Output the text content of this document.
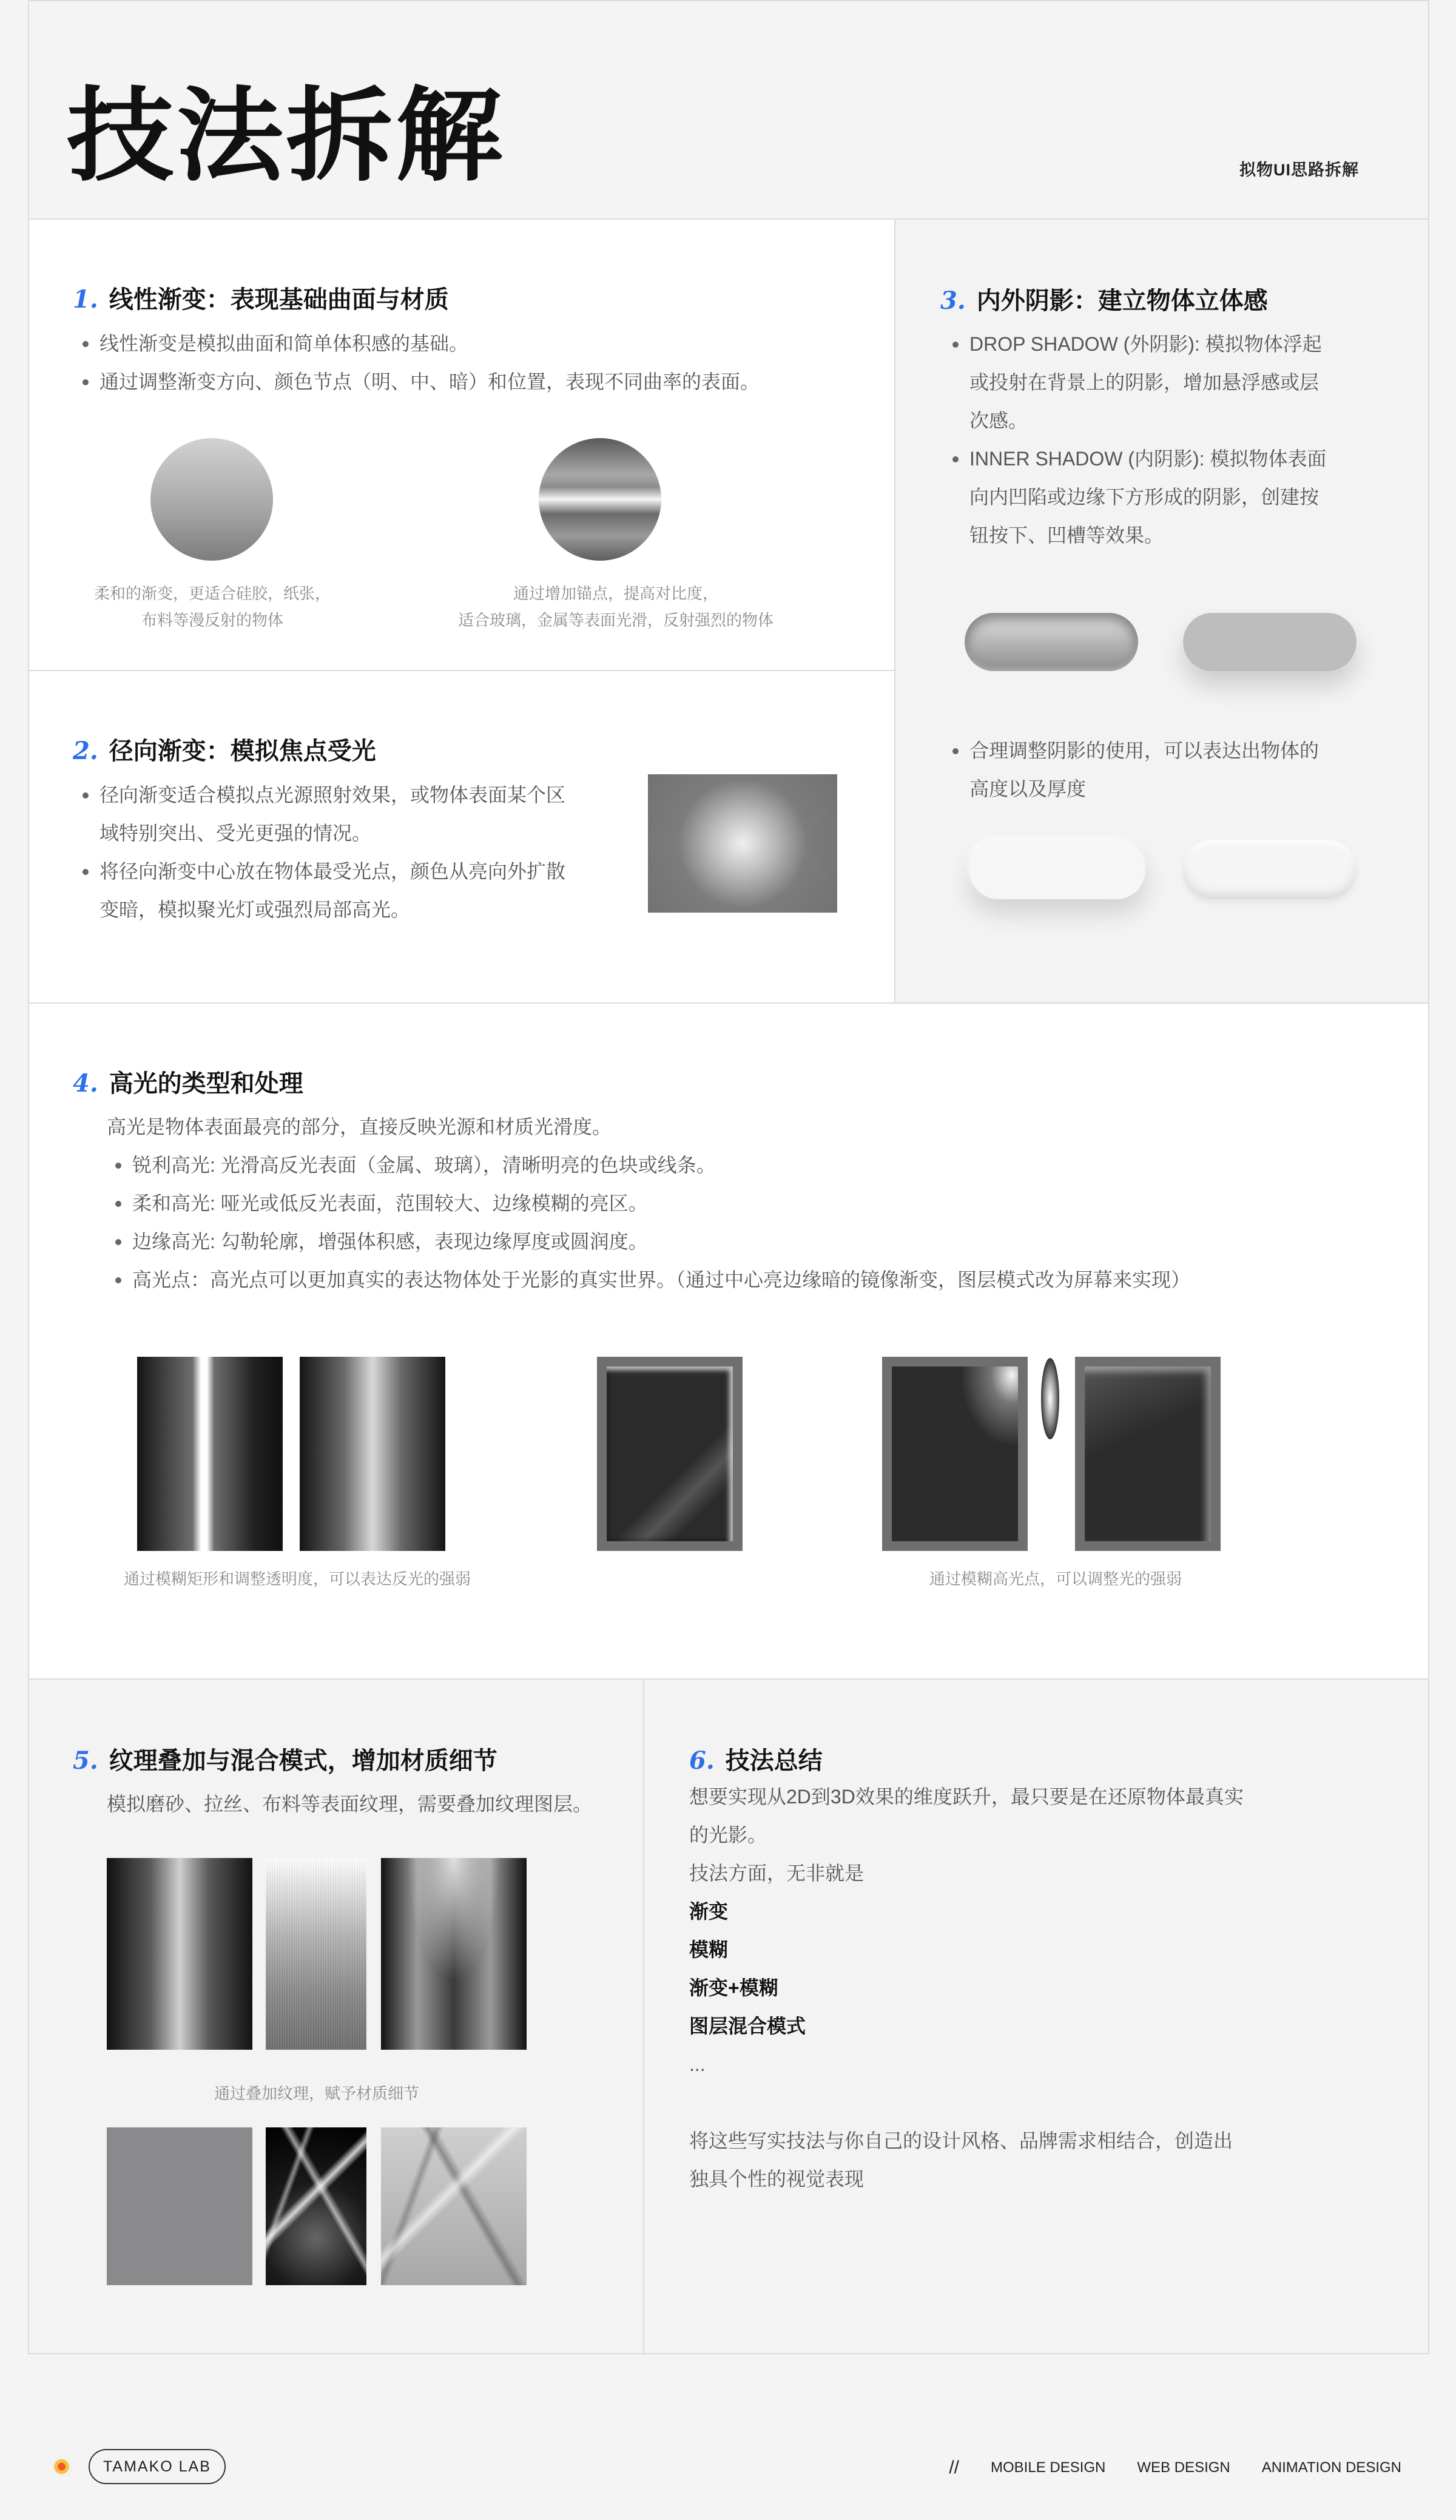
技法拆解	拟物UI思路拆解
1. 线性渐变：表现基础曲面与材质
线性渐变是模拟曲面和简单体积感的基础。
通过调整渐变方向、颜色节点（明、中、暗）和位置，表现不同曲率的表面。
柔和的渐变，更适合硅胶，纸张，
布料等漫反射的物体
通过增加锚点，提高对比度，
适合玻璃，金属等表面光滑，反射强烈的物体
2. 径向渐变：模拟焦点受光
径向渐变适合模拟点光源照射效果，或物体表面某个区
域特别突出、受光更强的情况。
将径向渐变中心放在物体最受光点，颜色从亮向外扩散
变暗，模拟聚光灯或强烈局部高光。
3. 内外阴影：建立物体立体感
DROP SHADOW (外阴影): 模拟物体浮起
或投射在背景上的阴影，增加悬浮感或层
次感。
INNER SHADOW (内阴影): 模拟物体表面
向内凹陷或边缘下方形成的阴影，创建按
钮按下、凹槽等效果。
合理调整阴影的使用，可以表达出物体的
高度以及厚度
4. 高光的类型和处理
高光是物体表面最亮的部分，直接反映光源和材质光滑度。
锐利高光: 光滑高反光表面（金属、玻璃），清晰明亮的色块或线条。
柔和高光: 哑光或低反光表面，范围较大、边缘模糊的亮区。
边缘高光: 勾勒轮廓，增强体积感，表现边缘厚度或圆润度。
高光点：高光点可以更加真实的表达物体处于光影的真实世界。（通过中心亮边缘暗的镜像渐变，图层模式改为屏幕来实现）
通过模糊矩形和调整透明度，可以表达反光的强弱	通过模糊高光点，可以调整光的强弱
5. 纹理叠加与混合模式，增加材质细节
模拟磨砂、拉丝、布料等表面纹理，需要叠加纹理图层。
通过叠加纹理，赋予材质细节
6. 技法总结
想要实现从2D到3D效果的维度跃升，最只要是在还原物体最真实
的光影。
技法方面，无非就是
渐变
模糊
渐变+模糊
图层混合模式
...
将这些写实技法与你自己的设计风格、品牌需求相结合，创造出
独具个性的视觉表现
TAMAKO LAB	// MOBILE DESIGN WEB DESIGN ANIMATION DESIGN
